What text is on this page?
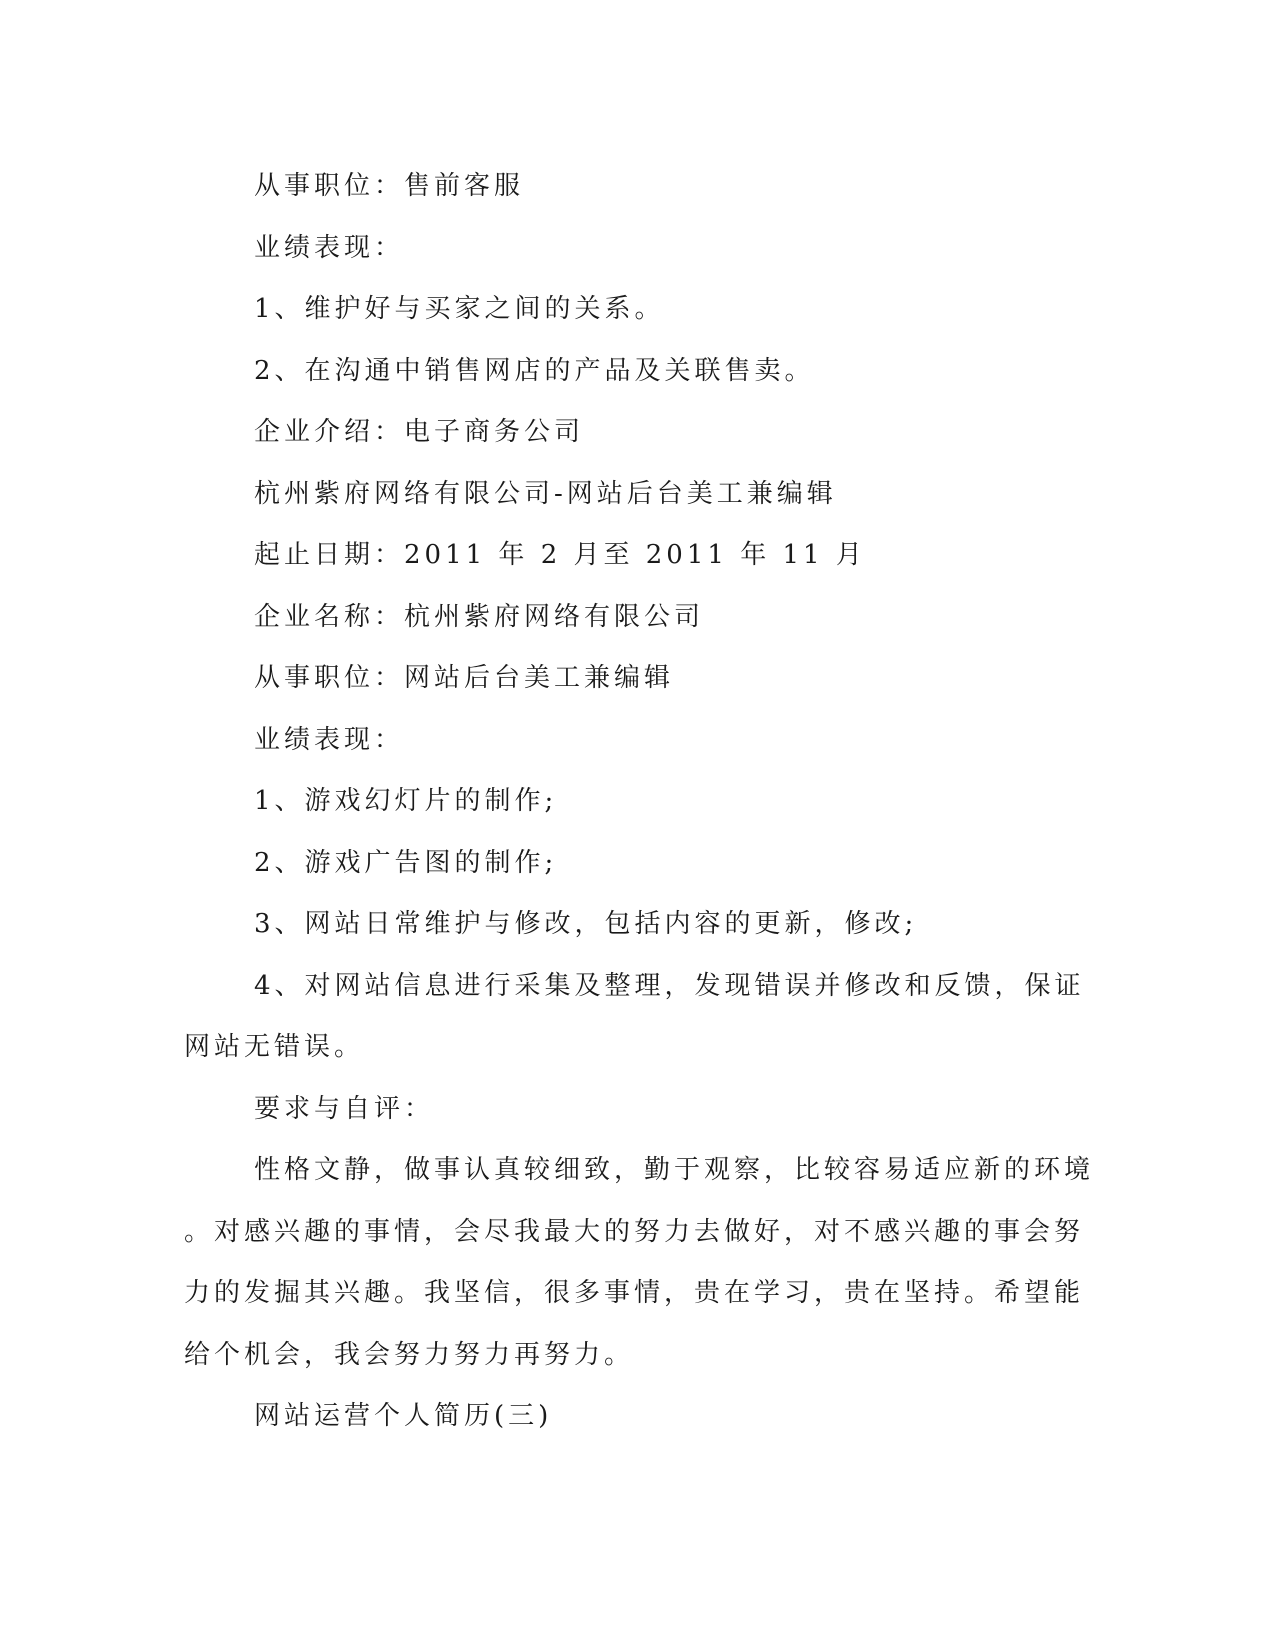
从事职位：售前客服
业绩表现：
1、维护好与买家之间的关系。
2、在沟通中销售网店的产品及关联售卖。
企业介绍：电子商务公司
杭州紫府网络有限公司-网站后台美工兼编辑
起止日期：2011 年 2 月至 2011 年 11 月
企业名称：杭州紫府网络有限公司
从事职位：网站后台美工兼编辑
业绩表现：
1、游戏幻灯片的制作;
2、游戏广告图的制作;
3、网站日常维护与修改，包括内容的更新，修改;
4、对网站信息进行采集及整理，发现错误并修改和反馈，保证
网站无错误。
要求与自评：
性格文静，做事认真较细致，勤于观察，比较容易适应新的环境
。对感兴趣的事情，会尽我最大的努力去做好，对不感兴趣的事会努
力的发掘其兴趣。我坚信，很多事情，贵在学习，贵在坚持。希望能
给个机会，我会努力努力再努力。
网站运营个人简历(三)
